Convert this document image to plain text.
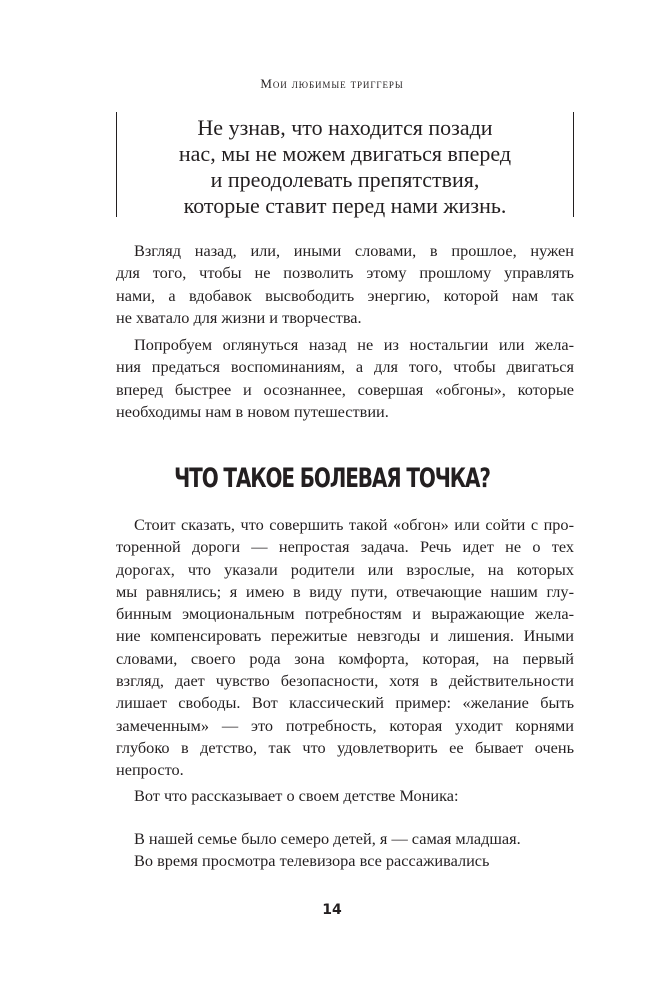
Мои любимые триггеры
Не узнав, что находится позади
нас, мы не можем двигаться вперед
и преодолевать препятствия,
которые ставит перед нами жизнь.
Взгляд назад, или, иными словами, в прошлое, нужен
для того, чтобы не позволить этому прошлому управлять
нами, а вдобавок высвободить энергию, которой нам так
не хватало для жизни и творчества.
Попробуем оглянуться назад не из ностальгии или жела-
ния предаться воспоминаниям, а для того, чтобы двигаться
вперед быстрее и осознаннее, совершая «обгоны», которые
необходимы нам в новом путешествии.
ЧТО ТАКОЕ БОЛЕВАЯ ТОЧКА?
Стоит сказать, что совершить такой «обгон» или сойти с про-
торенной дороги — непростая задача. Речь идет не о тех
дорогах, что указали родители или взрослые, на которых
мы равнялись; я имею в виду пути, отвечающие нашим глу-
бинным эмоциональным потребностям и выражающие желa-
ние компенсировать пережитые невзгоды и лишения. Иными
словами, своего рода зона комфорта, которая, на первый
взгляд, дает чувство безопасности, хотя в действительности
лишает свободы. Вот классический пример: «желание быть
замеченным» — это потребность, которая уходит корнями
глубоко в детство, так что удовлетворить ее бывает очень
непросто.
Вот что рассказывает о своем детстве Моника:
В нашей семье было семеро детей, я — самая младшая.
Во время просмотра телевизора все рассаживались
14
